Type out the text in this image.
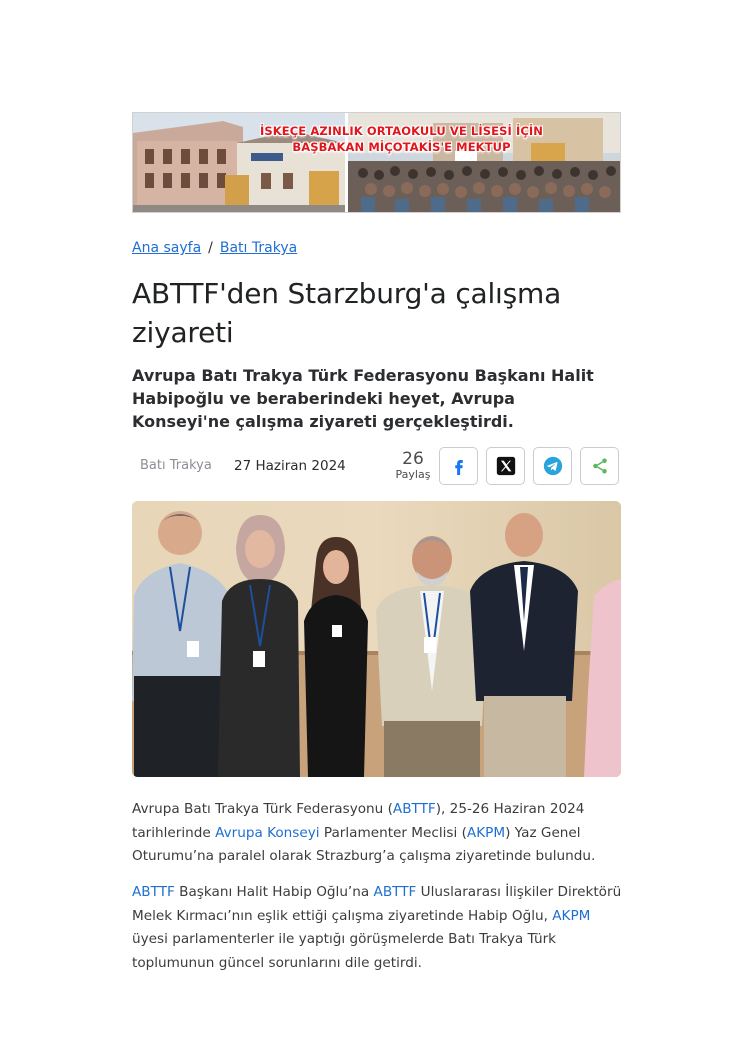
İSKEÇE AZINLIK ORTAOKULU VE LİSESİ İÇİN
BAŞBAKAN MİÇOTAKİS'E MEKTUP
Ana sayfa / Batı Trakya
ABTTF'den Starzburg'a çalışma ziyareti

Avrupa Batı Trakya Türk Federasyonu Başkanı Halit Habipoğlu ve beraberindeki heyet, Avrupa Konseyi'ne çalışma ziyareti gerçekleştirdi.

Batı Trakya 27 Haziran 2024	26
Paylaş

Avrupa Batı Trakya Türk Federasyonu (ABTTF), 25-26 Haziran 2024 tarihlerinde Avrupa Konseyi Parlamenter Meclisi (AKPM) Yaz Genel Oturumu’na paralel olarak Strazburg’a çalışma ziyaretinde bulundu.

ABTTF Başkanı Halit Habip Oğlu’na ABTTF Uluslararası İlişkiler Direktörü Melek Kırmacı’nın eşlik ettiği çalışma ziyaretinde Habip Oğlu, AKPM üyesi parlamenterler ile yaptığı görüşmelerde Batı Trakya Türk toplumunun güncel sorunlarını dile getirdi.
